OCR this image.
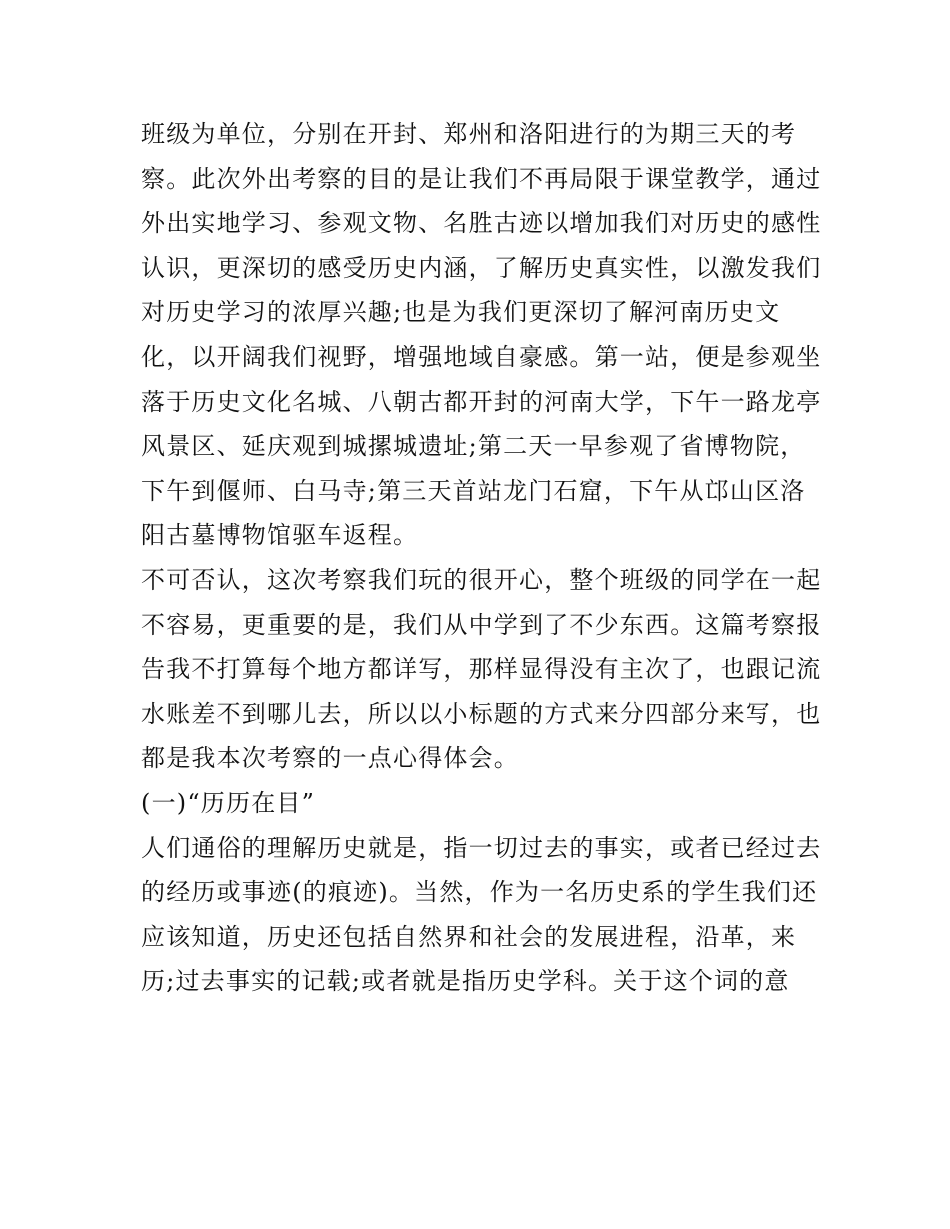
班级为单位，分别在开封、郑州和洛阳进行的为期三天的考
察。此次外出考察的目的是让我们不再局限于课堂教学，通过
外出实地学习、参观文物、名胜古迹以增加我们对历史的感性
认识，更深切的感受历史内涵，了解历史真实性，以激发我们
对历史学习的浓厚兴趣;也是为我们更深切了解河南历史文
化，以开阔我们视野，增强地域自豪感。第一站，便是参观坐
落于历史文化名城、八朝古都开封的河南大学，下午一路龙亭
风景区、延庆观到城摞城遗址;第二天一早参观了省博物院，
下午到偃师、白马寺;第三天首站龙门石窟，下午从邙山区洛
阳古墓博物馆驱车返程。
不可否认，这次考察我们玩的很开心，整个班级的同学在一起
不容易，更重要的是，我们从中学到了不少东西。这篇考察报
告我不打算每个地方都详写，那样显得没有主次了，也跟记流
水账差不到哪儿去，所以以小标题的方式来分四部分来写，也
都是我本次考察的一点心得体会。
(一)“历历在目”
人们通俗的理解历史就是，指一切过去的事实，或者已经过去
的经历或事迹(的痕迹)。当然，作为一名历史系的学生我们还
应该知道，历史还包括自然界和社会的发展进程，沿革，来
历;过去事实的记载;或者就是指历史学科。关于这个词的意
